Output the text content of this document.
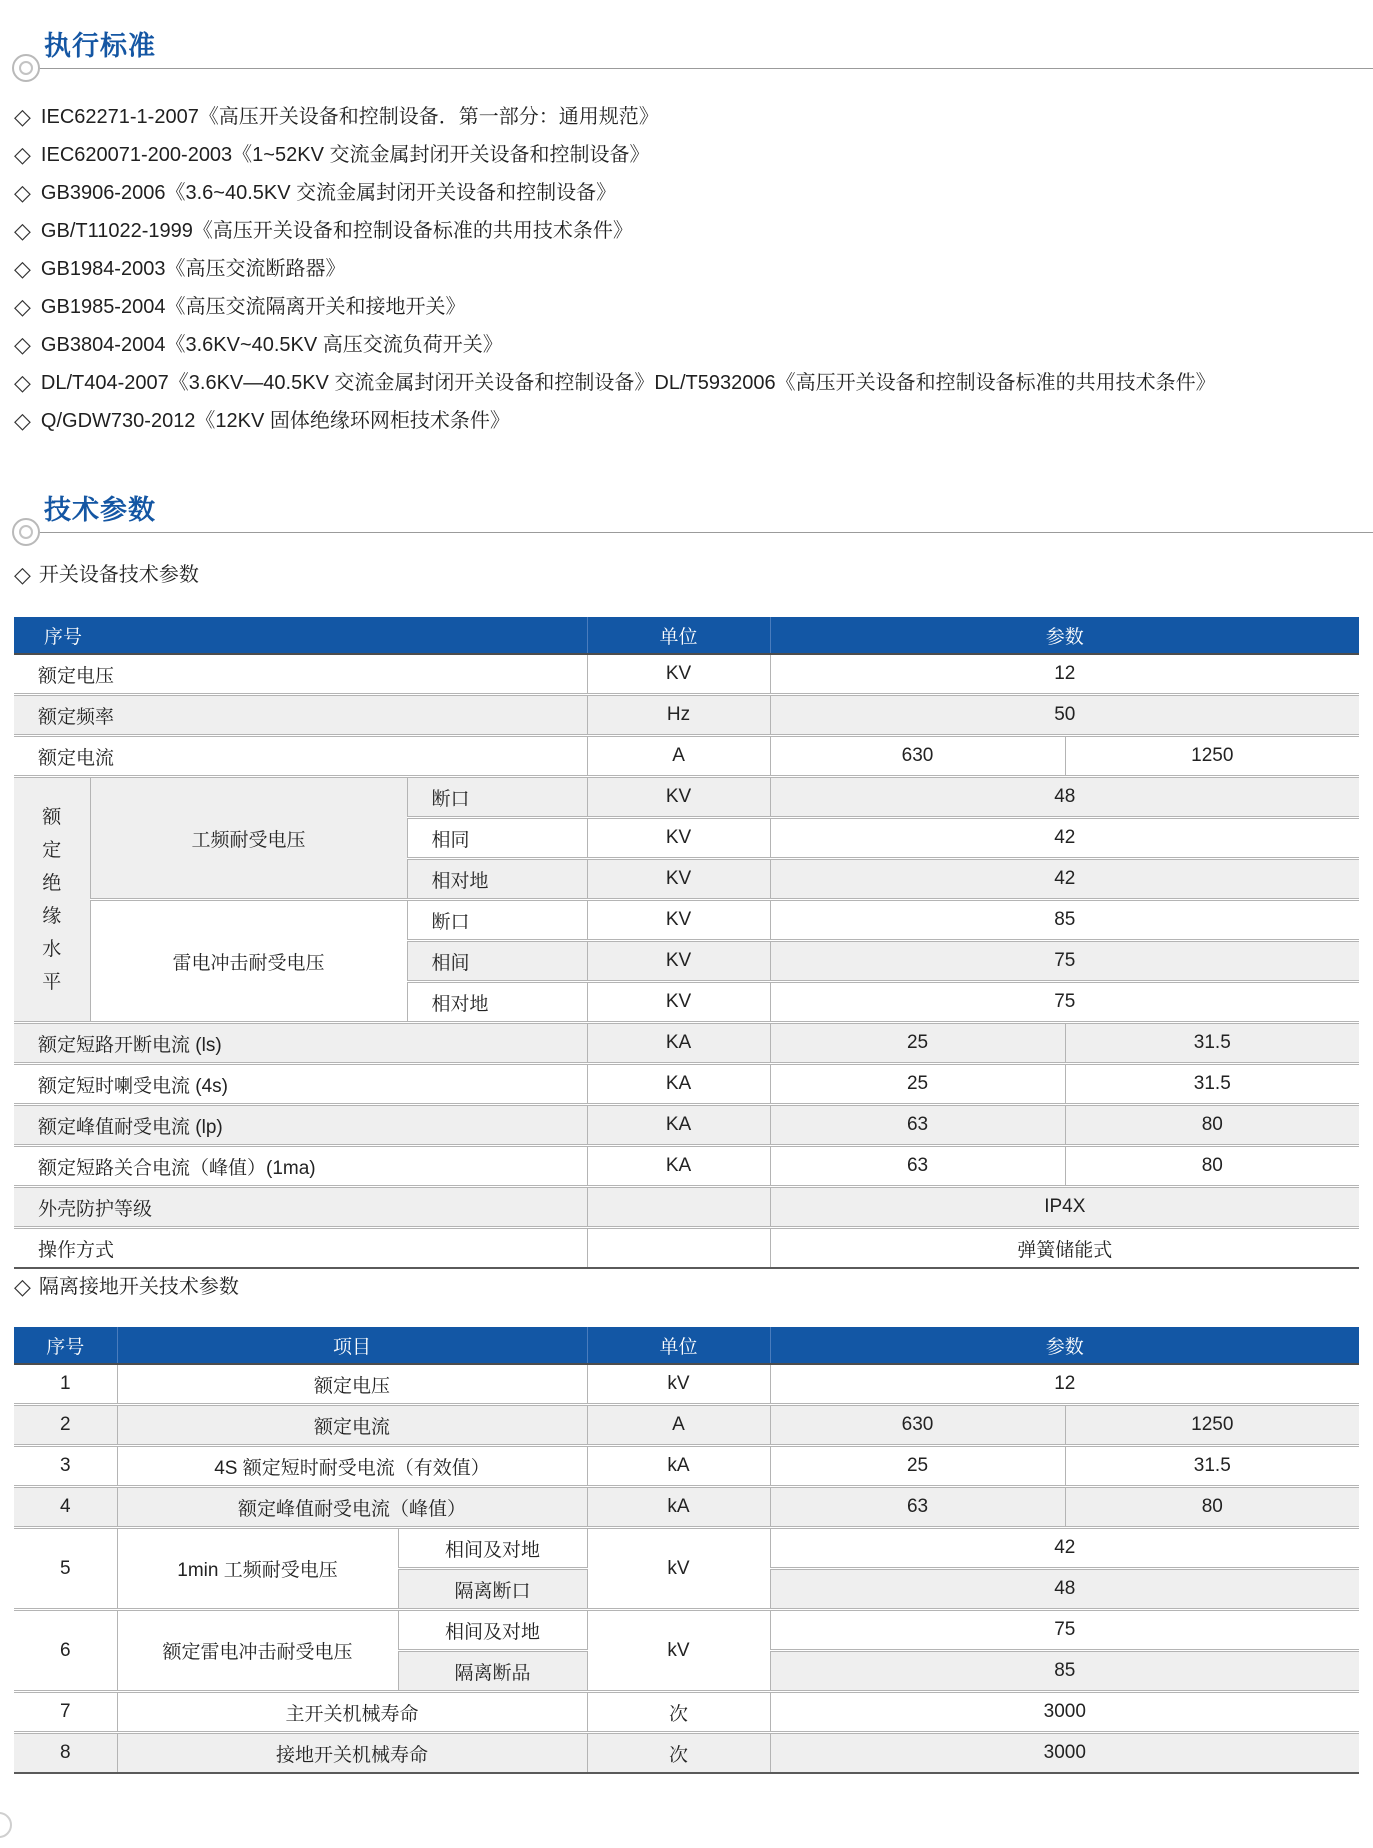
执行标准
◇ IEC62271-1-2007《高压开关设备和控制设备．第一部分：通用规范》
◇ IEC620071-200-2003《1~52KV 交流金属封闭开关设备和控制设备》
◇ GB3906-2006《3.6~40.5KV 交流金属封闭开关设备和控制设备》
◇ GB/T11022-1999《高压开关设备和控制设备标准的共用技术条件》
◇ GB1984-2003《高压交流断路器》
◇ GB1985-2004《高压交流隔离开关和接地开关》
◇ GB3804-2004《3.6KV~40.5KV 高压交流负荷开关》
◇ DL/T404-2007《3.6KV—40.5KV 交流金属封闭开关设备和控制设备》DL/T5932006《高压开关设备和控制设备标准的共用技术条件》
◇ Q/GDW730-2012《12KV 固体绝缘环网柜技术条件》
技术参数
◇ 开关设备技术参数
序号			单位	参数	
额定电压			KV	12	
额定频率			Hz	50	
额定电流			A	630	1250

额定绝缘水平	工频耐受电压	断口	KV	48	
		相同	KV	42	
		相对地	KV	42	
	雷电冲击耐受电压	断口	KV	85	
		相间	KV	75	
		相对地	KV	75	
额定短路开断电流 (ls)			KA	25	31.5
额定短时喇受电流 (4s)			KA	25	31.5
额定峰值耐受电流 (lp)			KA	63	80
额定短路关合电流（峰值）(1ma)			KA	63	80
外壳防护等级				IP4X	
操作方式				弹簧储能式	
◇ 隔离接地开关技术参数
序号	项目		单位	参数	
1	额定电压		kV	12	
2	额定电流		A	630	1250
3	4S 额定短时耐受电流（有效值）		kA	25	31.5
4	额定峰值耐受电流（峰值）		kA	63	80
5	1min 工频耐受电压	相间及对地	kV	42	
		隔离断口		48	
6	额定雷电冲击耐受电压	相间及对地	kV	75	
		隔离断品		85	
7	主开关机械寿命		次	3000	
8	接地开关机械寿命		次	3000	
